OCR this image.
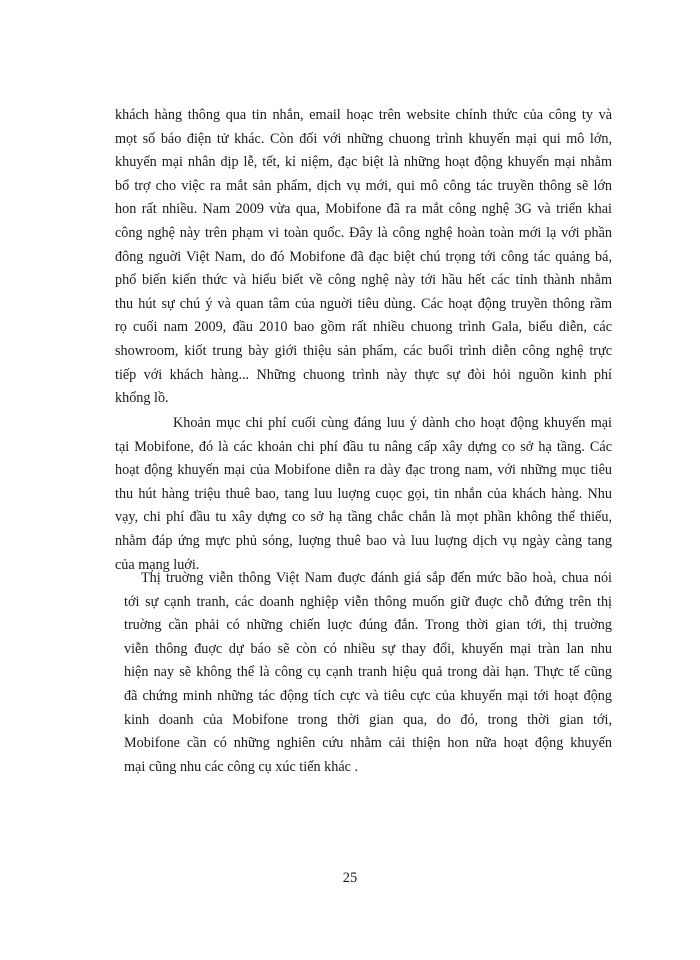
khách hàng thông qua tin nhắn, email hoạc trên website chính thức của công ty và
mọt số báo điện tử khác. Còn đối với những chuong trình khuyến mại qui mô lớn,
khuyến mại nhân dịp lễ, tết, kỉ niệm, đạc biệt là những hoạt động khuyến mại nhằm
bổ trợ cho việc ra mắt sản phẩm, dịch vụ mới, qui mô công tác truyền thông sẽ lớn
hon rất nhiều. Nam 2009 vừa qua, Mobifone đã ra mắt công nghệ 3G và triển khai
công nghệ này trên phạm vi toàn quốc. Đây là công nghệ hoàn toàn mới lạ với phần
đông nguời Việt Nam, do đó Mobifone đã đạc biệt chú trọng tới công tác quảng bá,
phổ biến kiến thức và hiểu biết về công nghệ này tới hầu hết các tỉnh thành nhằm
thu hút sự chú ý và quan tâm của nguời tiêu dùng. Các hoạt động truyền thông rầm
rọ cuối nam 2009, đầu 2010 bao gồm rất nhiều chuong trình Gala, biểu diễn, các
showroom, kiốt trung bày giới thiệu sản phẩm, các buổi trình diễn công nghệ trực
tiếp với khách hàng... Những chuong trình này thực sự đòi hỏi nguồn kinh phí
khổng lồ.
Khoản mục chi phí cuối cùng đáng luu ý dành cho hoạt động khuyến mại
tại Mobifone, đó là các khoản chi phí đầu tu nâng cấp xây dựng co sở hạ tầng. Các
hoạt động khuyến mại của Mobifone diễn ra dày đạc trong nam, với những mục tiêu
thu hút hàng triệu thuê bao, tang luu luợng cuọc gọi, tin nhắn của khách hàng. Nhu
vạy, chi phí đầu tu xây dựng co sở hạ tầng chắc chắn là mọt phần không thể thiếu,
nhằm đáp ứng mực phủ sóng, luợng thuê bao và luu luợng dịch vụ ngày càng tang
của mạng luới.
Thị truờng viễn thông Việt Nam đuợc đánh giá sắp đến mức bão hoà, chua nói
tới sự cạnh tranh, các doanh nghiệp viễn thông muốn giữ đuợc chỗ đứng trên thị
truờng cần phải có những chiến luợc đúng đắn. Trong thời gian tới, thị truờng
viễn thông đuợc dự báo sẽ còn có nhiều sự thay đổi, khuyến mại tràn lan nhu
hiện nay sẽ không thể là công cụ cạnh tranh hiệu quả trong dài hạn. Thực tế cũng
đã chứng minh những tác động tích cực và tiêu cực của khuyến mại tới hoạt động
kinh doanh của Mobifone trong thời gian qua, do đó, trong thời gian tới,
Mobifone cần có những nghiên cứu nhằm cải thiện hon nữa hoạt động khuyến
mại cũng nhu các công cụ xúc tiến khác .
25
